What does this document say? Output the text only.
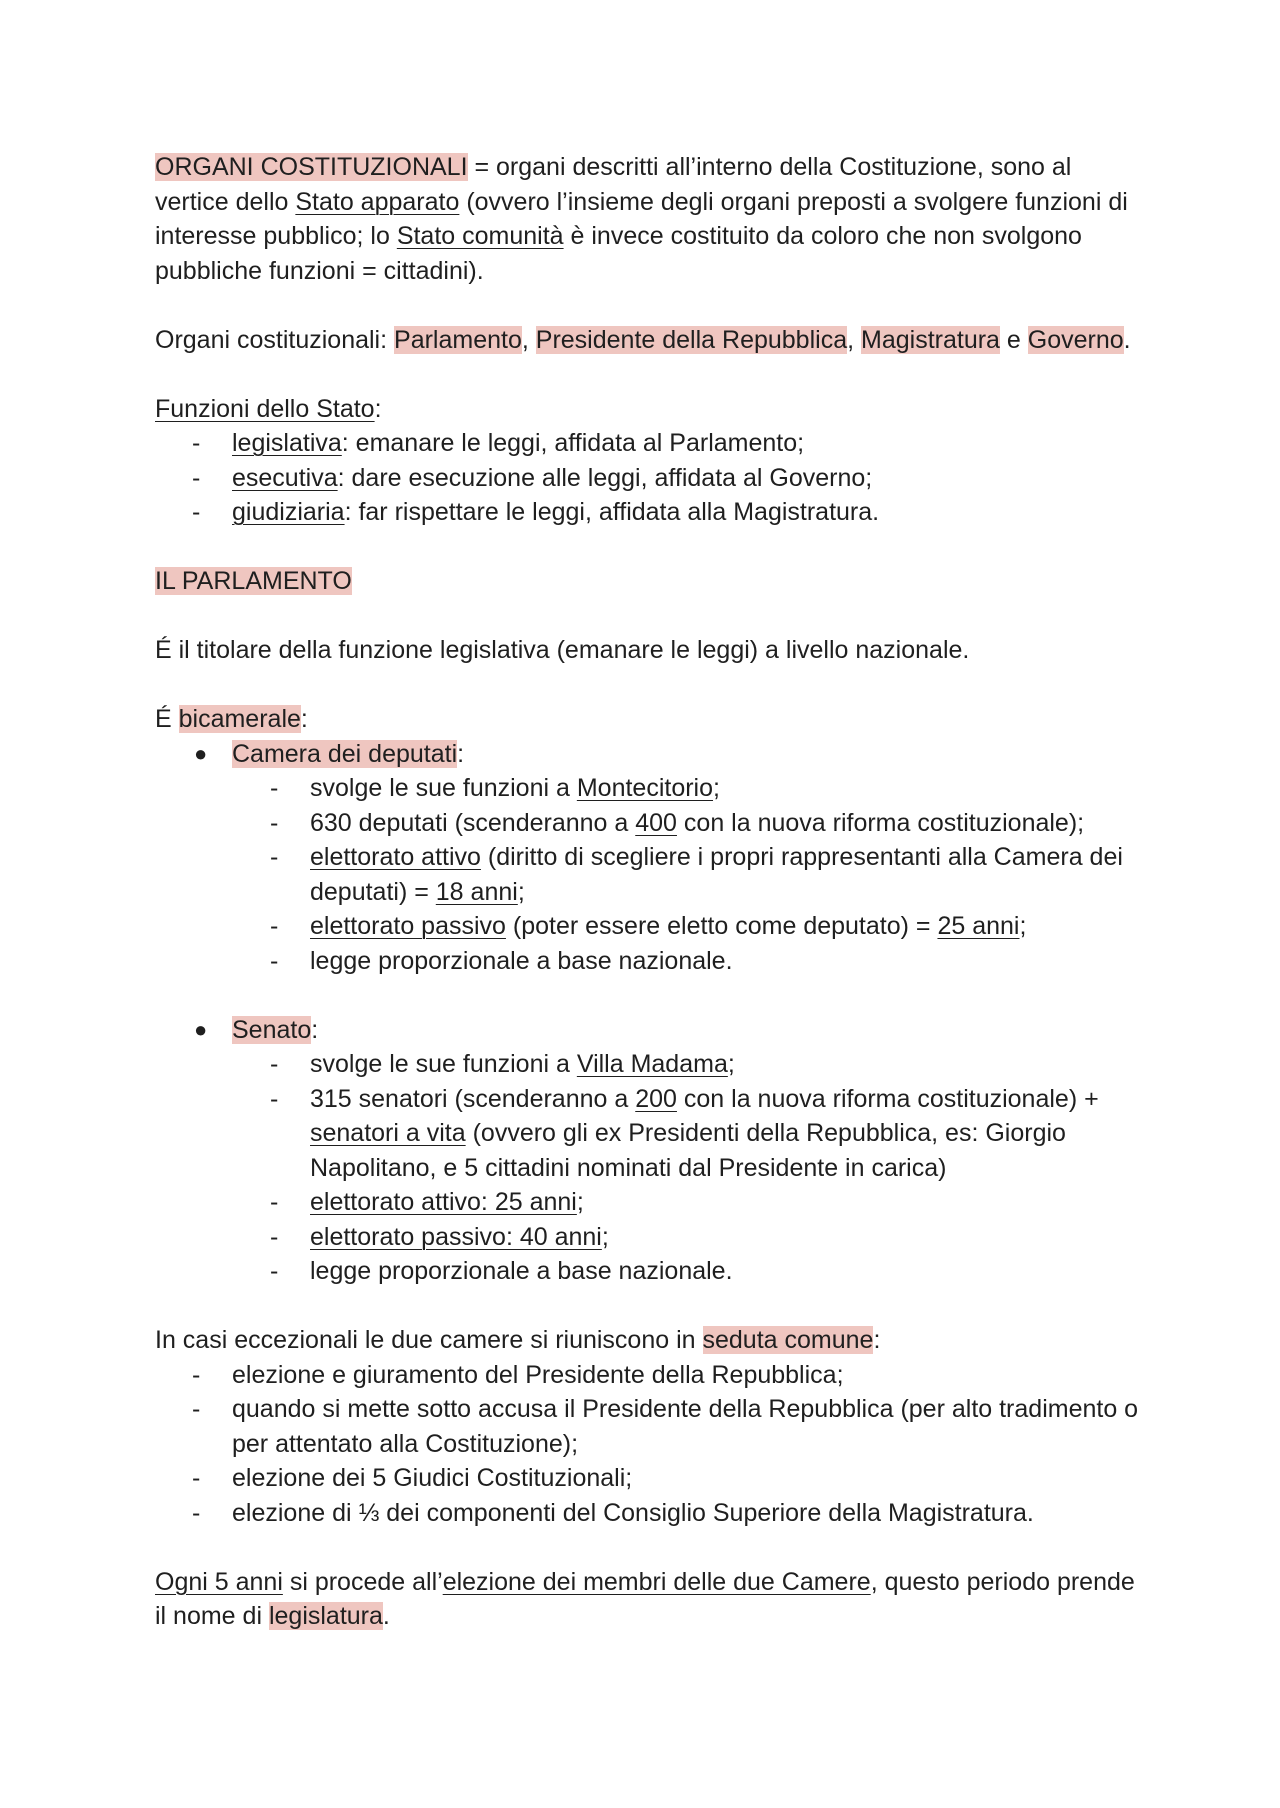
ORGANI COSTITUZIONALI = organi descritti all’interno della Costituzione, sono al vertice dello Stato apparato (ovvero l’insieme degli organi preposti a svolgere funzioni di interesse pubblico; lo Stato comunità è invece costituito da coloro che non svolgono pubbliche funzioni = cittadini).

Organi costituzionali: Parlamento, Presidente della Repubblica, Magistratura e Governo.

Funzioni dello Stato:

- legislativa: emanare le leggi, affidata al Parlamento;
- esecutiva: dare esecuzione alle leggi, affidata al Governo;
- giudiziaria: far rispettare le leggi, affidata alla Magistratura.

IL PARLAMENTO

É il titolare della funzione legislativa (emanare le leggi) a livello nazionale.

É bicamerale:

● Camera dei deputati:
- svolge le sue funzioni a Montecitorio;
- 630 deputati (scenderanno a 400 con la nuova riforma costituzionale);
- elettorato attivo (diritto di scegliere i propri rappresentanti alla Camera dei deputati) = 18 anni;
- elettorato passivo (poter essere eletto come deputato) = 25 anni;
- legge proporzionale a base nazionale.
● Senato:
- svolge le sue funzioni a Villa Madama;
- 315 senatori (scenderanno a 200 con la nuova riforma costituzionale) + senatori a vita (ovvero gli ex Presidenti della Repubblica, es: Giorgio Napolitano, e 5 cittadini nominati dal Presidente in carica)
- elettorato attivo: 25 anni;
- elettorato passivo: 40 anni;
- legge proporzionale a base nazionale.

In casi eccezionali le due camere si riuniscono in seduta comune:

- elezione e giuramento del Presidente della Repubblica;
- quando si mette sotto accusa il Presidente della Repubblica (per alto tradimento o per attentato alla Costituzione);
- elezione dei 5 Giudici Costituzionali;
- elezione di ⅓ dei componenti del Consiglio Superiore della Magistratura.

Ogni 5 anni si procede all’elezione dei membri delle due Camere, questo periodo prende il nome di legislatura.
